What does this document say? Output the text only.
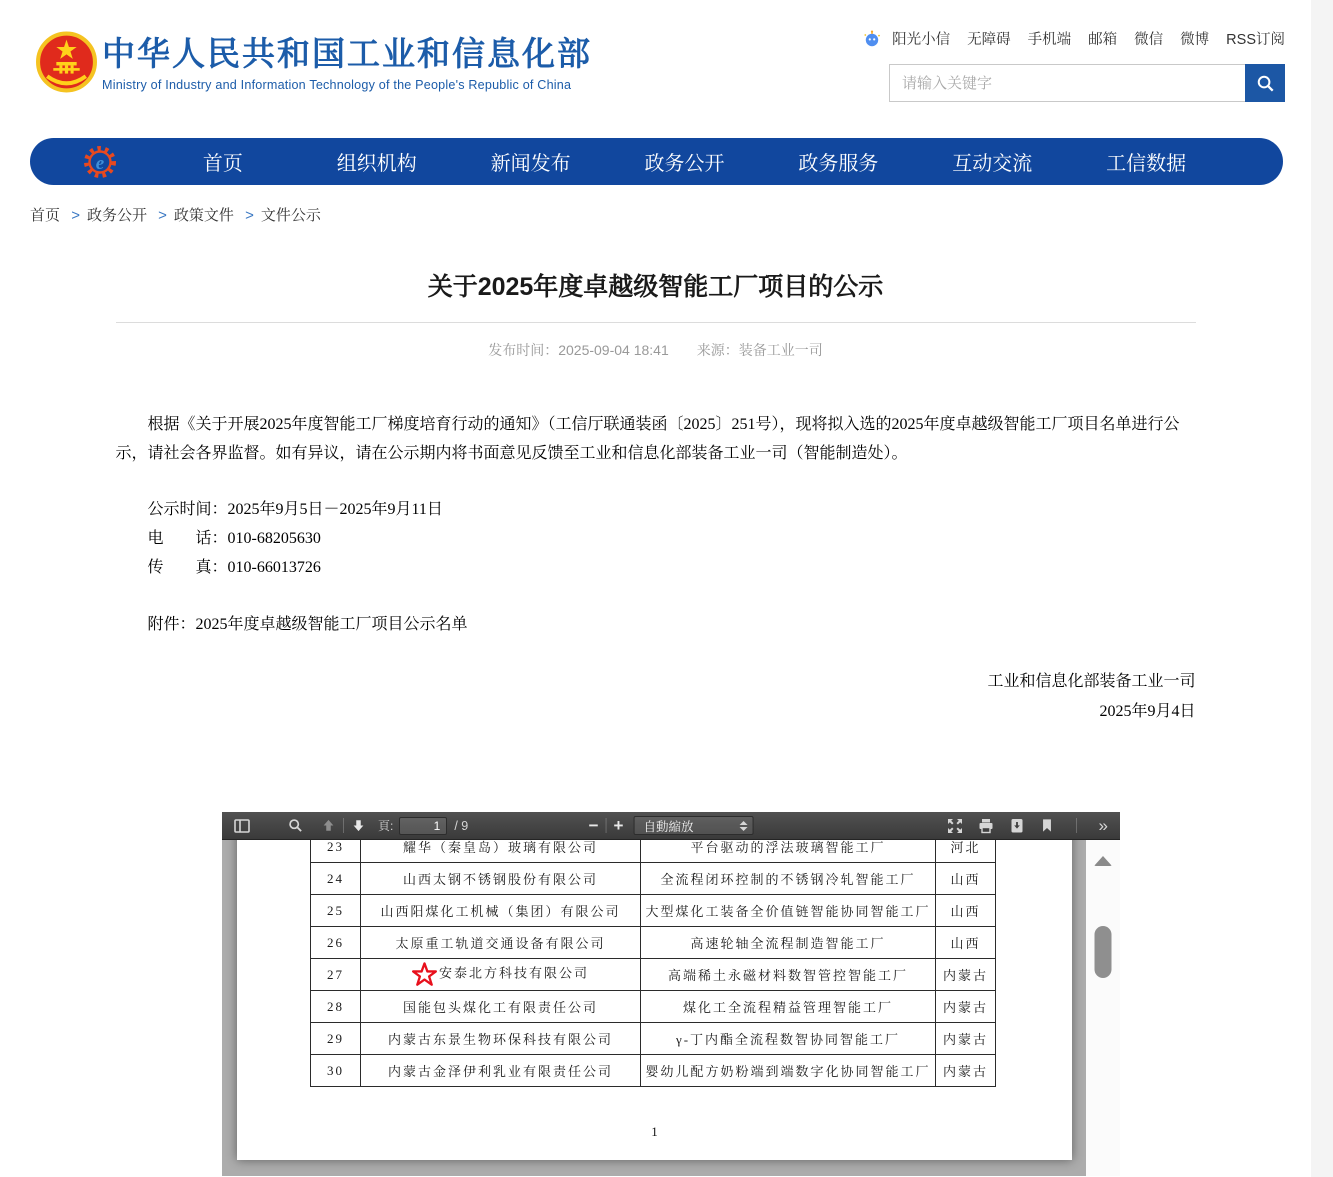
中华人民共和国工业和信息化部
Ministry of Industry and Information Technology of the People's Republic of China
阳光小信 无障碍 手机端 邮箱 微信 微博 RSS订阅
请输入关键字
e	首页	组织机构	新闻发布	政务公开	政务服务	互动交流	工信数据
首页 > 政务公开 > 政策文件 > 文件公示
关于2025年度卓越级智能工厂项目的公示
发布时间：2025-09-04 18:41 来源：装备工业一司

根据《关于开展2025年度智能工厂梯度培育行动的通知》（工信厅联通装函〔2025〕251号），现将拟入选的2025年度卓越级智能工厂项目名单进行公示，请社会各界监督。如有异议，请在公示期内将书面意见反馈至工业和信息化部装备工业一司（智能制造处）。

公示时间：2025年9月5日－2025年9月11日

电　　话：010-68205630

传　　真：010-66013726

附件：2025年度卓越级智能工厂项目公示名单

工业和信息化部装备工业一司

2025年9月4日

頁:
1	/ 9	− + 自動縮放	»
23	耀华（秦皇岛）玻璃有限公司	平台驱动的浮法玻璃智能工厂	河北
24	山西太钢不锈钢股份有限公司	全流程闭环控制的不锈钢冷轧智能工厂	山西
25	山西阳煤化工机械（集团）有限公司	大型煤化工装备全价值链智能协同智能工厂	山西
26	太原重工轨道交通设备有限公司	高速轮轴全流程制造智能工厂	山西
27	安泰北方科技有限公司	高端稀土永磁材料数智管控智能工厂	内蒙古
28	国能包头煤化工有限责任公司	煤化工全流程精益管理智能工厂	内蒙古
29	内蒙古东景生物环保科技有限公司	γ-丁内酯全流程数智协同智能工厂	内蒙古
30	内蒙古金泽伊利乳业有限责任公司	婴幼儿配方奶粉端到端数字化协同智能工厂	内蒙古
1
